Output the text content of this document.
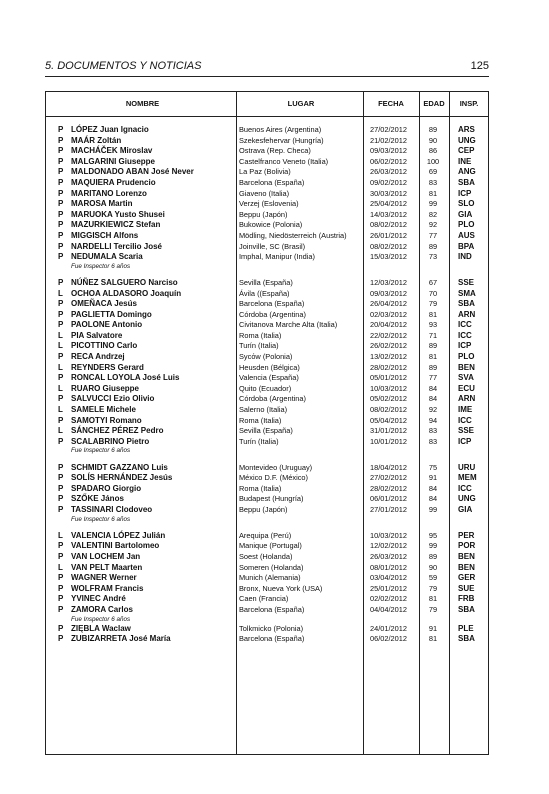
5. DOCUMENTOS Y NOTICIAS	125
NOMBRE	LUGAR	FECHA	EDAD	INSP.
P LÓPEZ Juan Ignacio	Buenos Aires (Argentina)	27/02/2012	89	ARS
P MAÁR Zoltán	Szekesfehervar (Hungría)	21/02/2012	90	UNG
P MACHÁČEK Miroslav	Ostrava (Rep. Checa)	09/03/2012	86	CEP
P MALGARINI Giuseppe	Castelfranco Veneto (Italia)	06/02/2012	100	INE
P MALDONADO ABAN José Never	La Paz (Bolivia)	26/03/2012	69	ANG
P MAQUIERA Prudencio	Barcelona (España)	09/02/2012	83	SBA
P MARITANO Lorenzo	Giaveno (Italia)	30/03/2012	81	ICP
P MAROSA Martin	Verzej (Eslovenia)	25/04/2012	99	SLO
P MARUOKA Yusto Shusei	Beppu (Japón)	14/03/2012	82	GIA
P MAZURKIEWICZ Stefan	Bukowice (Polonia)	08/02/2012	92	PLO
P MIGGISCH Alfons	Mödling, Niedösterreich (Austria)	26/01/2012	77	AUS
P NARDELLI Tercilio José	Joinville, SC (Brasil)	08/02/2012	89	BPA
P NEDUMALA Scaria	Imphal, Manipur (India)	15/03/2012	73	IND
Fue Inspector 6 años
P NÚÑEZ SALGUERO Narciso	Sevilla (España)	12/03/2012	67	SSE
L OCHOA ALDASORO Joaquín	Ávila ((España)	09/03/2012	70	SMA
P OMEÑACA Jesús	Barcelona (España)	26/04/2012	79	SBA
P PAGLIETTA Domingo	Córdoba (Argentina)	02/03/2012	81	ARN
P PAOLONE Antonio	Civitanova Marche Alta (Italia)	20/04/2012	93	ICC
L PIA Salvatore	Roma (Italia)	22/02/2012	71	ICC
L PICOTTINO Carlo	Turín (Italia)	26/02/2012	89	ICP
P RECA Andrzej	Sycόw (Polonia)	13/02/2012	81	PLO
L REYNDERS Gerard	Heusden (Bélgica)	28/02/2012	89	BEN
P RONCAL LOYOLA José Luis	Valencia (España)	05/01/2012	77	SVA
L RUARO Giuseppe	Quito (Ecuador)	10/03/2012	84	ECU
P SALVUCCI Ezio Olivio	Córdoba (Argentina)	05/02/2012	84	ARN
L SAMELE Michele	Salerno (Italia)	08/02/2012	92	IME
P SAMOTYI Romano	Roma (Italia)	05/04/2012	94	ICC
L SÁNCHEZ PÉREZ Pedro	Sevilla (España)	31/01/2012	83	SSE
P SCALABRINO Pietro	Turín (Italia)	10/01/2012	83	ICP
Fue Inspector 6 años
P SCHMIDT GAZZANO Luis	Montevideo (Uruguay)	18/04/2012	75	URU
P SOLÍS HERNÁNDEZ Jesús	México D.F. (México)	27/02/2012	91	MEM
P SPADARO Giorgio	Roma (Italia)	28/02/2012	84	ICC
P SZŐKE János	Budapest (Hungría)	06/01/2012	84	UNG
P TASSINARI Clodoveo	Beppu (Japón)	27/01/2012	99	GIA
Fue Inspector 6 años
L VALENCIA LÓPEZ Julián	Arequipa (Perú)	10/03/2012	95	PER
P VALENTINI Bartolomeo	Manique (Portugal)	12/02/2012	99	POR
P VAN LOCHEM Jan	Soest (Holanda)	26/03/2012	89	BEN
L VAN PELT Maarten	Someren (Holanda)	08/01/2012	90	BEN
P WAGNER Werner	Munich (Alemania)	03/04/2012	59	GER
P WOLFRAM Francis	Bronx, Nueva York (USA)	25/01/2012	79	SUE
P YVINEC André	Caen (Francia)	02/02/2012	81	FRB
P ZAMORA Carlos	Barcelona (España)	04/04/2012	79	SBA
Fue Inspector 6 años
P ZIĘBLA Waclaw	Tolkmicko (Polonia)	24/01/2012	91	PLE
P ZUBIZARRETA José María	Barcelona (España)	06/02/2012	81	SBA
